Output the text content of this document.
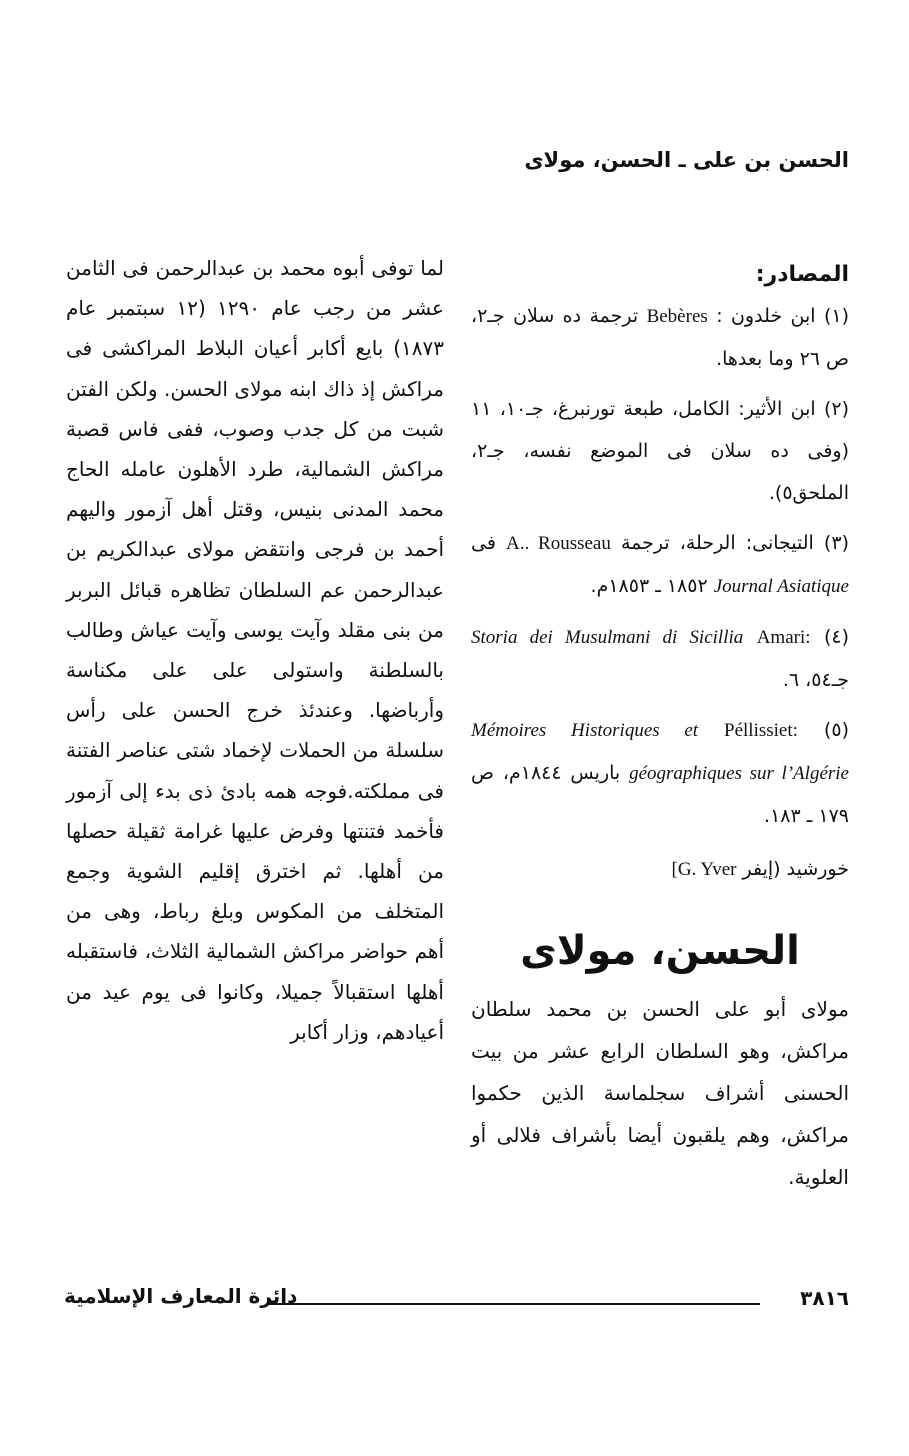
الحسن بن على ـ الحسن، مولاى
المصادر:

(١) ابن خلدون : Bebères ترجمة ده سلان جـ٢، ص ٢٦ وما بعدها.

(٢) ابن الأثير: الكامل، طبعة تورنبرغ، جـ١٠، ١١ (وفى ده سلان فى الموضع نفسه، جـ٢، الملحق٥).

(٣) التيجانى: الرحلة، ترجمة A.. Rousseau فى Journal Asiatique ١٨٥٢ ـ ١٨٥٣م.

(٤) Amari: Storia dei Musulmani di Sicillia جـ٥٤، ٦.

(٥) Péllissiet: Mémoires Historiques et géographiques sur l’Algérie باريس ١٨٤٤م، ص ١٧٩ ـ ١٨٣.

خورشيد (إيفر [G. Yver

الحسن، مولاى

مولاى أبو على الحسن بن محمد سلطان مراكش، وهو السلطان الرابع عشر من بيت الحسنى أشراف سجلماسة الذين حكموا مراكش، وهم يلقبون أيضا بأشراف فلالى أو العلوية.

لما توفى أبوه محمد بن عبدالرحمن فى الثامن عشر من رجب عام ١٢٩٠ (١٢ سبتمبر عام ١٨٧٣) بايع أكابر أعيان البلاط المراكشى فى مراكش إذ ذاك ابنه مولاى الحسن. ولكن الفتن شبت من كل جدب وصوب، ففى فاس قصبة مراكش الشمالية، طرد الأهلون عامله الحاج محمد المدنى بنيس، وقتل أهل آزمور واليهم أحمد بن فرجى وانتقض مولاى عبدالكريم بن عبدالرحمن عم السلطان تظاهره قبائل البربر من بنى مقلد وآيت يوسى وآيت عياش وطالب بالسلطنة واستولى على على مكناسة وأرباضها. وعندئذ خرج الحسن على رأس سلسلة من الحملات لإخماد شتى عناصر الفتنة فى مملكته.فوجه همه بادئ ذى بدء إلى آزمور فأخمد فتنتها وفرض عليها غرامة ثقيلة حصلها من أهلها. ثم اخترق إقليم الشوية وجمع المتخلف من المكوس وبلغ رباط، وهى من أهم حواضر مراكش الشمالية الثلاث، فاستقبله أهلها استقبالاً جميلا، وكانوا فى يوم عيد من أعيادهم، وزار أكابر

٣٨١٦
دائرة المعارف الإسلامية
